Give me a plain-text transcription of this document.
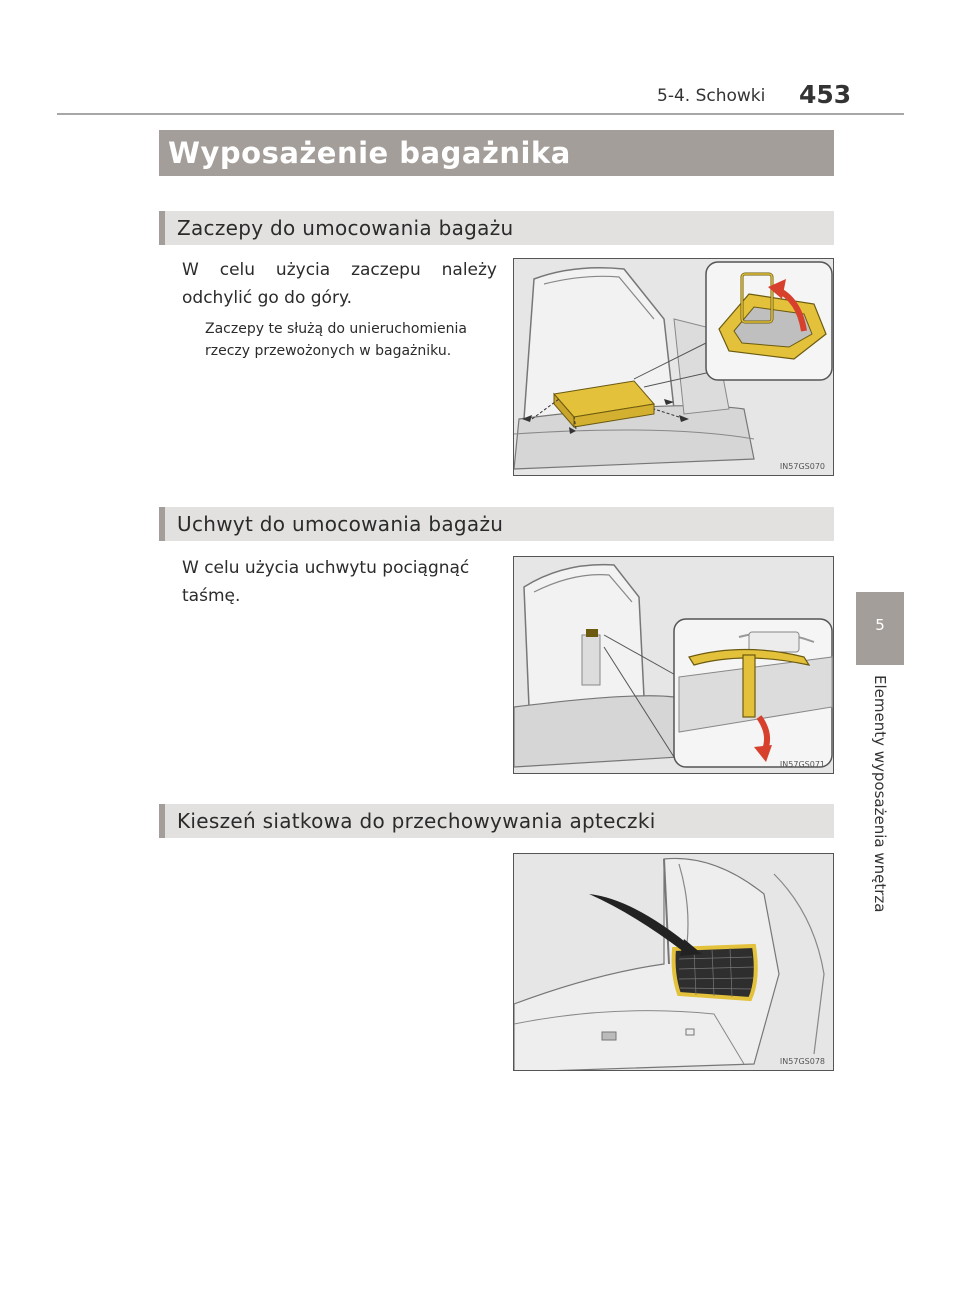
5-4. Schowki 453
Wyposażenie bagażnika
Zaczepy do umocowania bagażu
W celu użycia zaczepu należy
odchylić go do góry.
Zaczepy te służą do unieruchomienia
rzeczy przewożonych w bagażniku.
IN57GS070
Uchwyt do umocowania bagażu
W celu użycia uchwytu pociągnąć
taśmę.
IN57GS071
Kieszeń siatkowa do przechowywania apteczki
IN57GS078
5
Elementy wyposażenia wnętrza
